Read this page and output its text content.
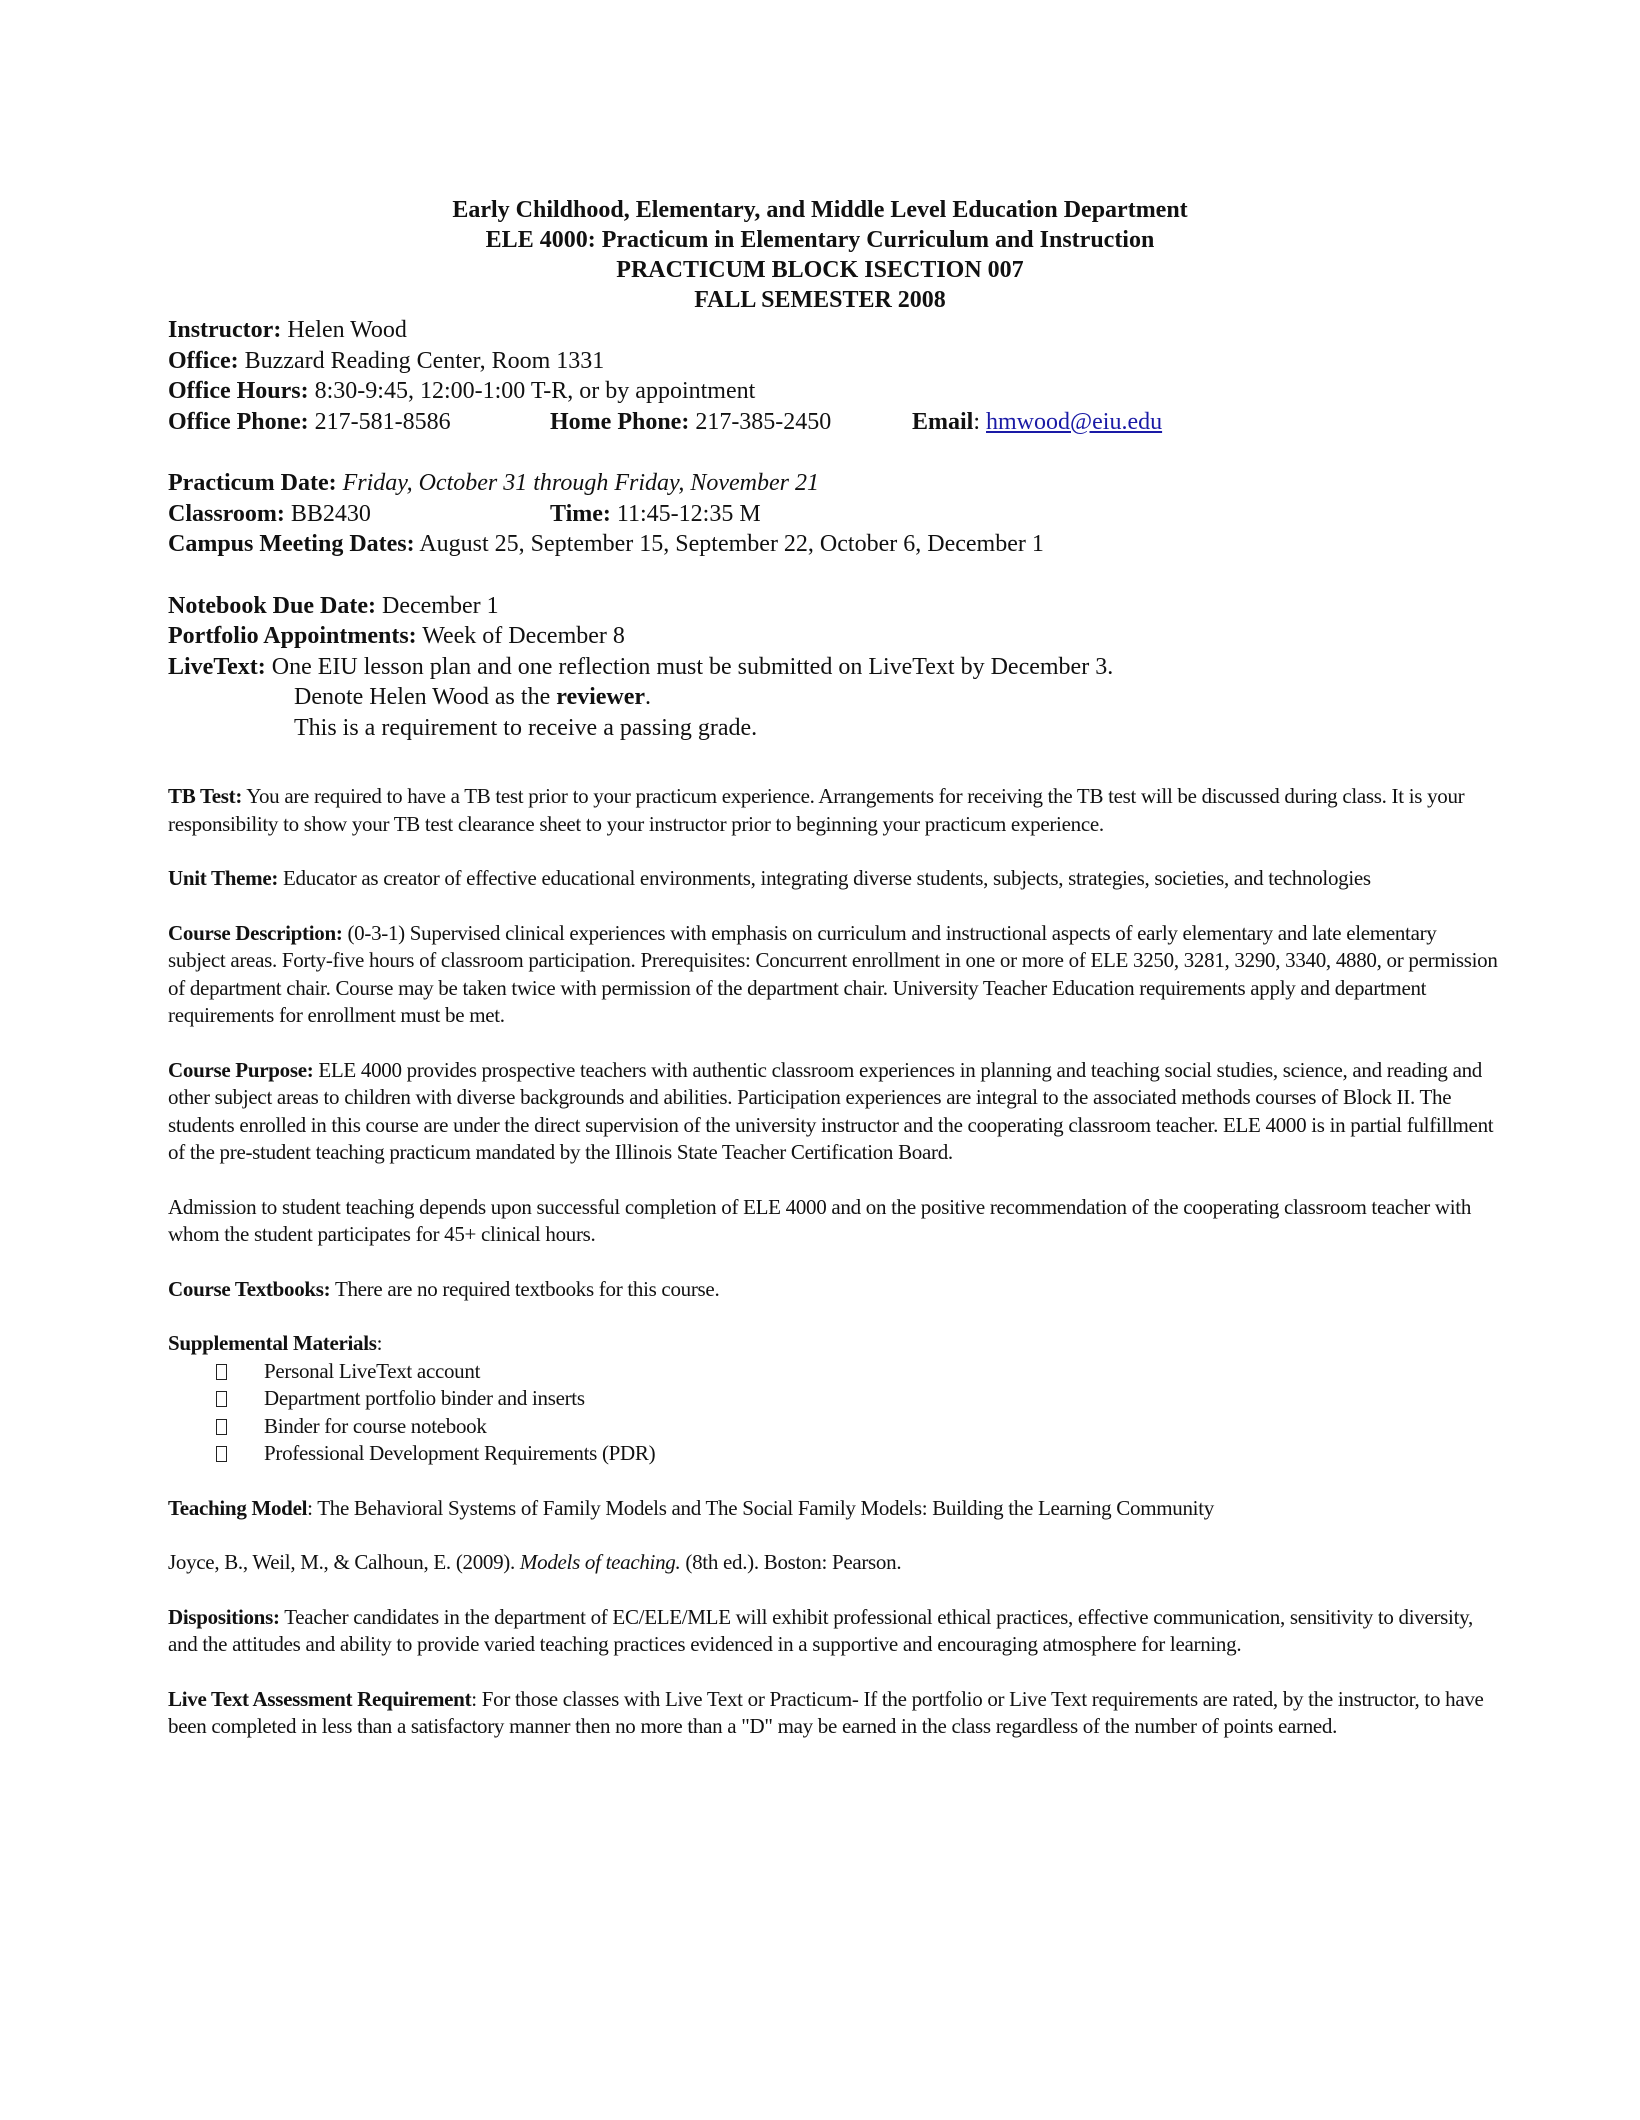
Early Childhood, Elementary, and Middle Level Education Department
ELE 4000: Practicum in Elementary Curriculum and Instruction
PRACTICUM BLOCK ISECTION 007
FALL SEMESTER 2008
Instructor: Helen Wood
Office: Buzzard Reading Center, Room 1331
Office Hours: 8:30-9:45, 12:00-1:00 T-R, or by appointment
Office Phone: 217-581-8586	Home Phone: 217-385-2450	Email: hmwood@eiu.edu
Practicum Date: Friday, October 31 through Friday, November 21
Classroom: BB2430	Time: 11:45-12:35 M
Campus Meeting Dates: August 25, September 15, September 22, October 6, December 1
Notebook Due Date: December 1
Portfolio Appointments: Week of December 8
LiveText: One EIU lesson plan and one reflection must be submitted on LiveText by December 3.
Denote Helen Wood as the reviewer.
This is a requirement to receive a passing grade.

TB Test: You are required to have a TB test prior to your practicum experience. Arrangements for receiving the TB test will be discussed during class. It is your responsibility to show your TB test clearance sheet to your instructor prior to beginning your practicum experience.

Unit Theme: Educator as creator of effective educational environments, integrating diverse students, subjects, strategies, societies, and technologies

Course Description: (0-3-1) Supervised clinical experiences with emphasis on curriculum and instructional aspects of early elementary and late elementary subject areas. Forty-five hours of classroom participation. Prerequisites: Concurrent enrollment in one or more of ELE 3250, 3281, 3290, 3340, 4880, or permission of department chair. Course may be taken twice with permission of the department chair. University Teacher Education requirements apply and department requirements for enrollment must be met.

Course Purpose: ELE 4000 provides prospective teachers with authentic classroom experiences in planning and teaching social studies, science, and reading and other subject areas to children with diverse backgrounds and abilities. Participation experiences are integral to the associated methods courses of Block II. The students enrolled in this course are under the direct supervision of the university instructor and the cooperating classroom teacher. ELE 4000 is in partial fulfillment of the pre-student teaching practicum mandated by the Illinois State Teacher Certification Board.

Admission to student teaching depends upon successful completion of ELE 4000 and on the positive recommendation of the cooperating classroom teacher with whom the student participates for 45+ clinical hours.

Course Textbooks: There are no required textbooks for this course.

Supplemental Materials:
Personal LiveText account
Department portfolio binder and inserts
Binder for course notebook
Professional Development Requirements (PDR)

Teaching Model: The Behavioral Systems of Family Models and The Social Family Models: Building the Learning Community

Joyce, B., Weil, M., & Calhoun, E. (2009). Models of teaching. (8th ed.). Boston: Pearson.

Dispositions: Teacher candidates in the department of EC/ELE/MLE will exhibit professional ethical practices, effective communication, sensitivity to diversity, and the attitudes and ability to provide varied teaching practices evidenced in a supportive and encouraging atmosphere for learning.

Live Text Assessment Requirement: For those classes with Live Text or Practicum- If the portfolio or Live Text requirements are rated, by the instructor, to have been completed in less than a satisfactory manner then no more than a "D" may be earned in the class regardless of the number of points earned.
